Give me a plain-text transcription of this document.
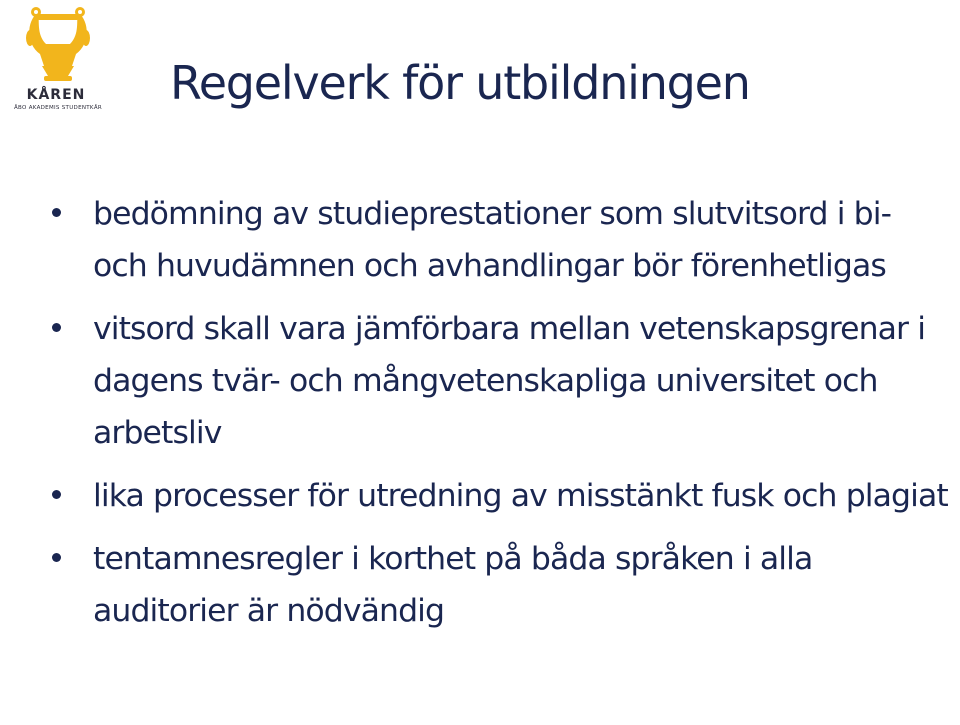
KÅREN
ÅBO AKADEMIS STUDENTKÅR Regelverk för utbildningen
bedömning av studieprestationer som slutvitsord i bi- och huvudämnen och avhandlingar bör förenhetligas
vitsord skall vara jämförbara mellan vetenskapsgrenar i dagens tvär- och mångvetenskapliga universitet och arbetsliv
lika processer för utredning av misstänkt fusk och plagiat
tentamnesregler i korthet på båda språken i alla auditorier är nödvändig
